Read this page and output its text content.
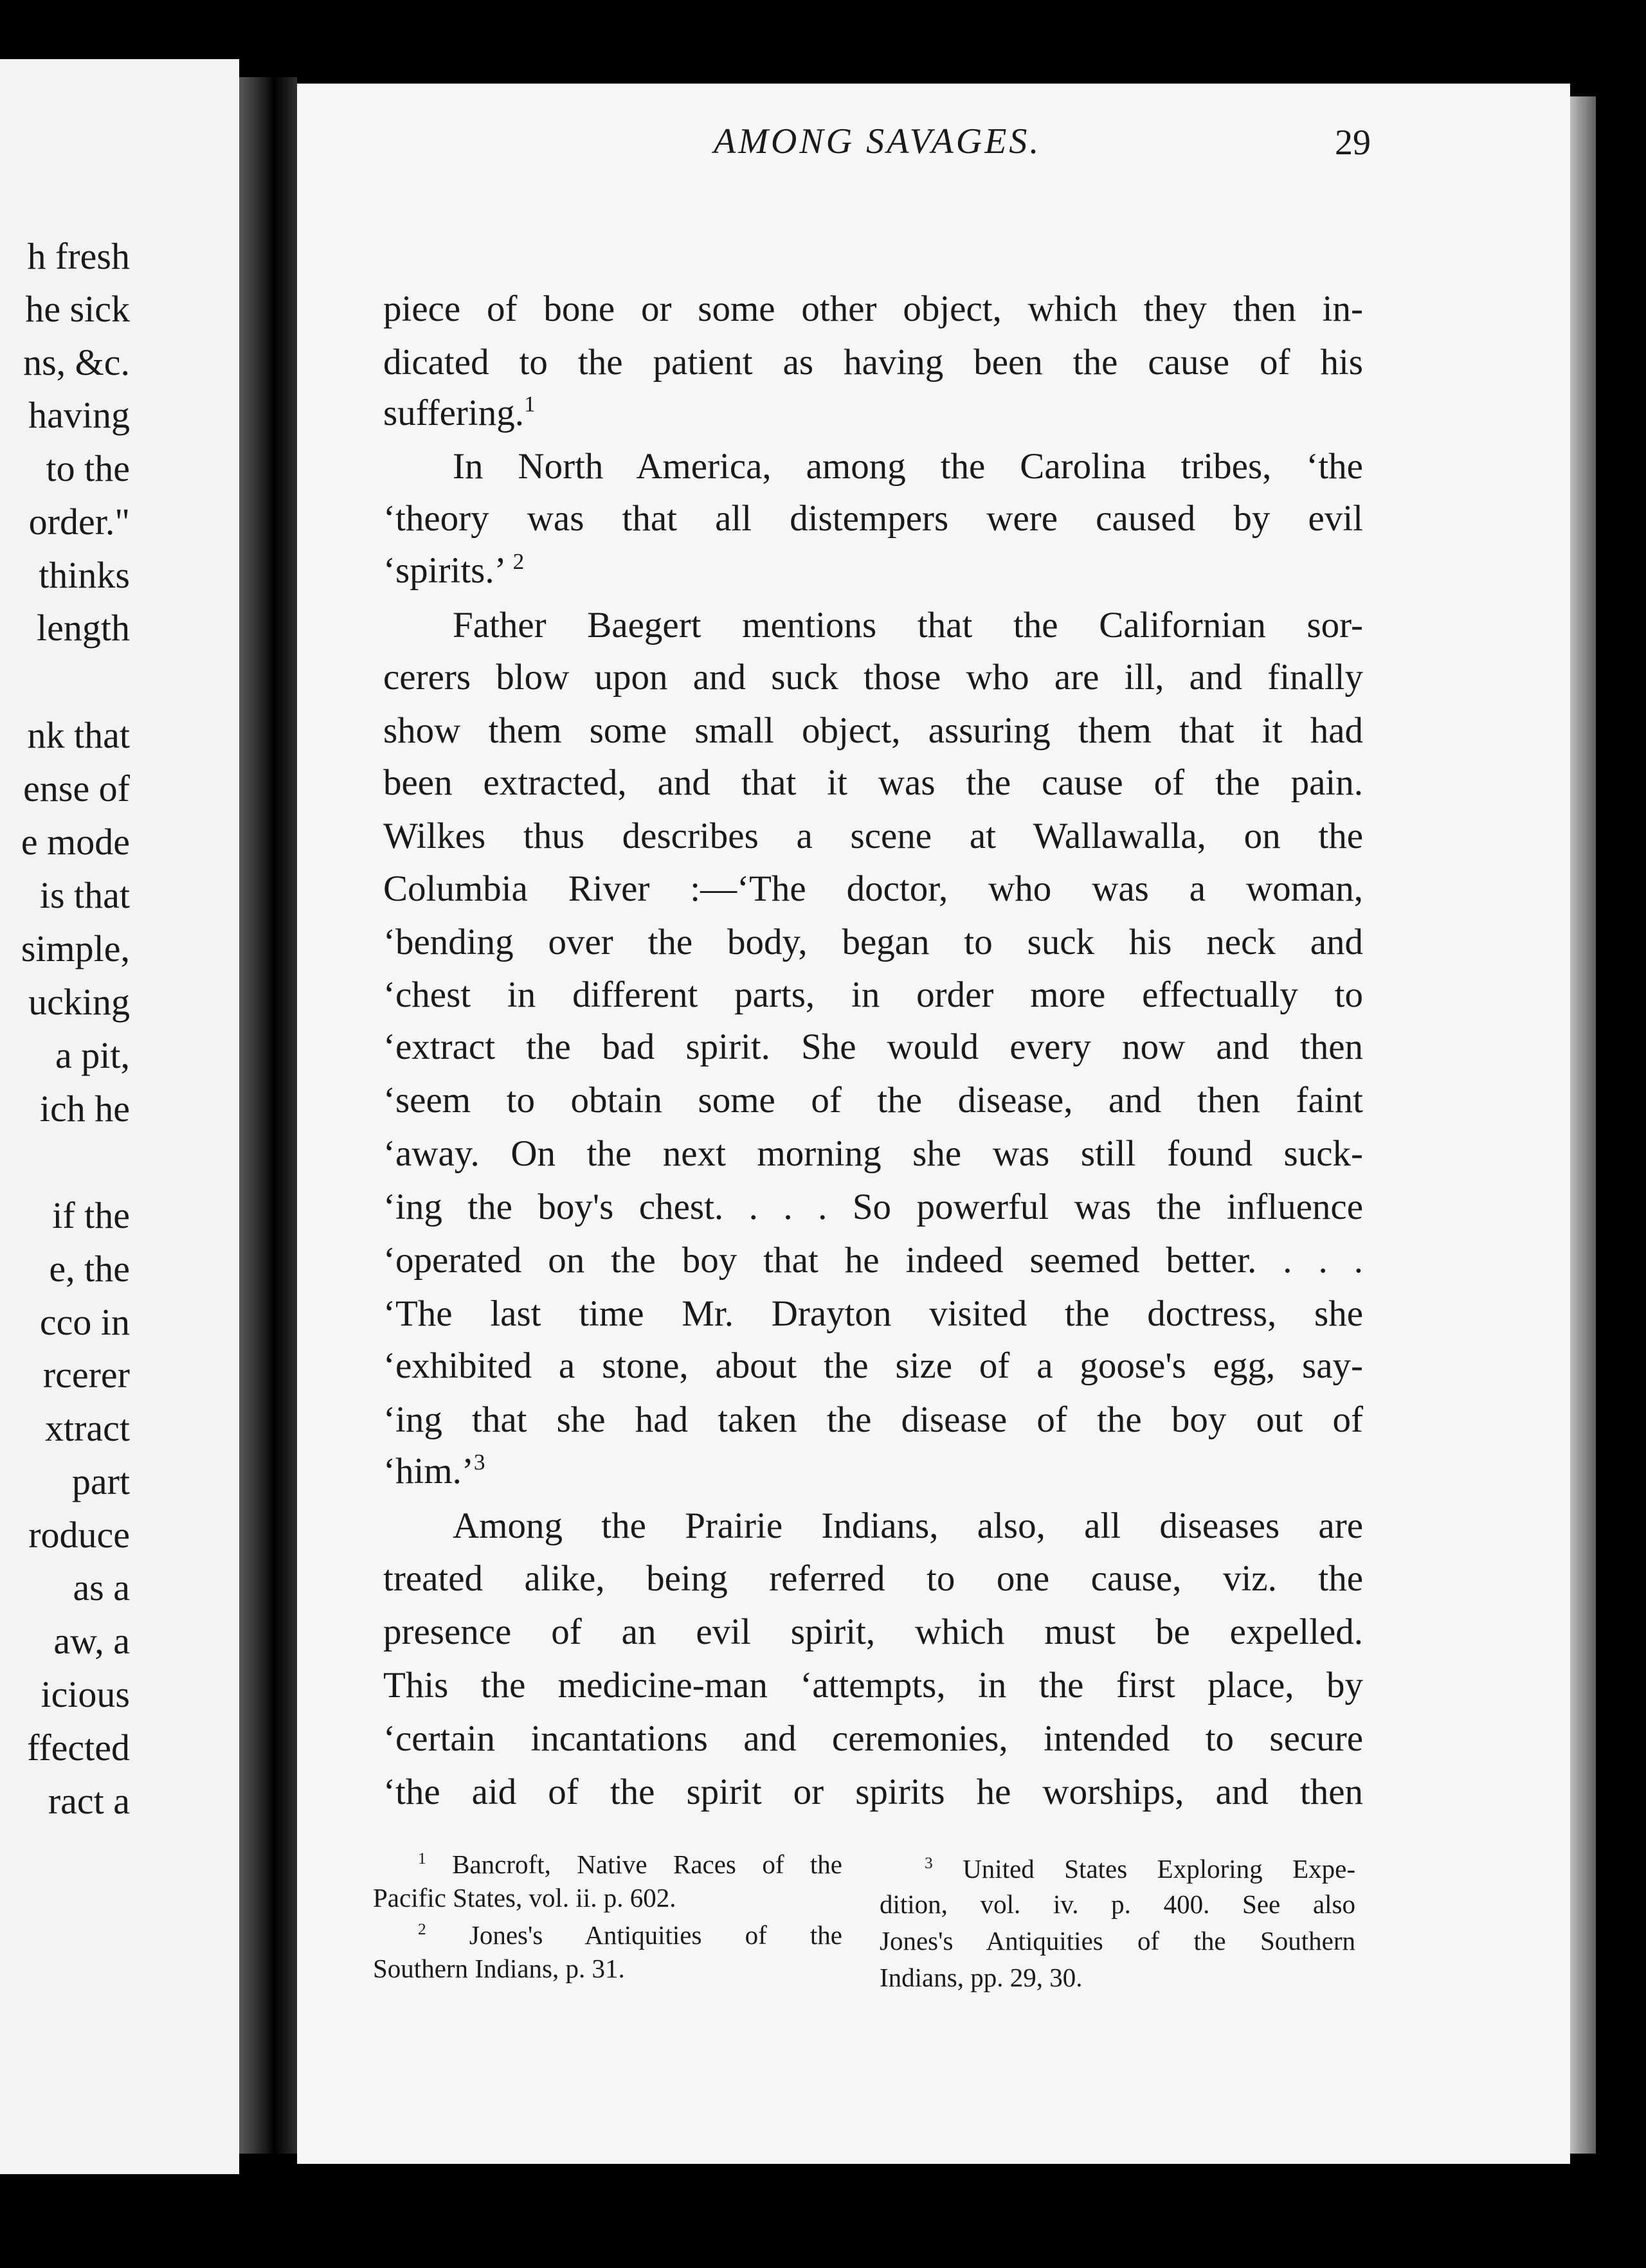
h fresh
he sick
ns, &c.
having
to the
order."
thinks
length
nk that
ense of
e mode
is that
simple,
ucking
a pit,
ich he
if the
e, the
cco in
rcerer
xtract
part
roduce
as a
aw, a
icious
ffected
ract a
AMONG SAVAGES.	29
piece of bone or some other object, which they then in-
dicated to the patient as having been the cause of his
suffering.$^1$
In North America, among the Carolina tribes, ‘the
‘theory was that all distempers were caused by evil
‘spirits.’ $^2$
Father Baegert mentions that the Californian sor-
cerers blow upon and suck those who are ill, and finally
show them some small object, assuring them that it had
been extracted, and that it was the cause of the pain.
Wilkes thus describes a scene at Wallawalla, on the
Columbia River :—‘The doctor, who was a woman,
‘bending over the body, began to suck his neck and
‘chest in different parts, in order more effectually to
‘extract the bad spirit. She would every now and then
‘seem to obtain some of the disease, and then faint
‘away. On the next morning she was still found suck-
‘ing the boy's chest. . . . So powerful was the influence
‘operated on the boy that he indeed seemed better. . . .
‘The last time Mr. Drayton visited the doctress, she
‘exhibited a stone, about the size of a goose's egg, say-
‘ing that she had taken the disease of the boy out of
‘him.’$^3$
Among the Prairie Indians, also, all diseases are
treated alike, being referred to one cause, viz. the
presence of an evil spirit, which must be expelled.
This the medicine-man ‘attempts, in the first place, by
‘certain incantations and ceremonies, intended to secure
‘the aid of the spirit or spirits he worships, and then
$^1$ Bancroft, Native Races of the
Pacific States, vol. ii. p. 602.
$^2$ Jones's Antiquities of the
Southern Indians, p. 31.
$^3$ United States Exploring Expe-
dition, vol. iv. p. 400. See also
Jones's Antiquities of the Southern
Indians, pp. 29, 30.
